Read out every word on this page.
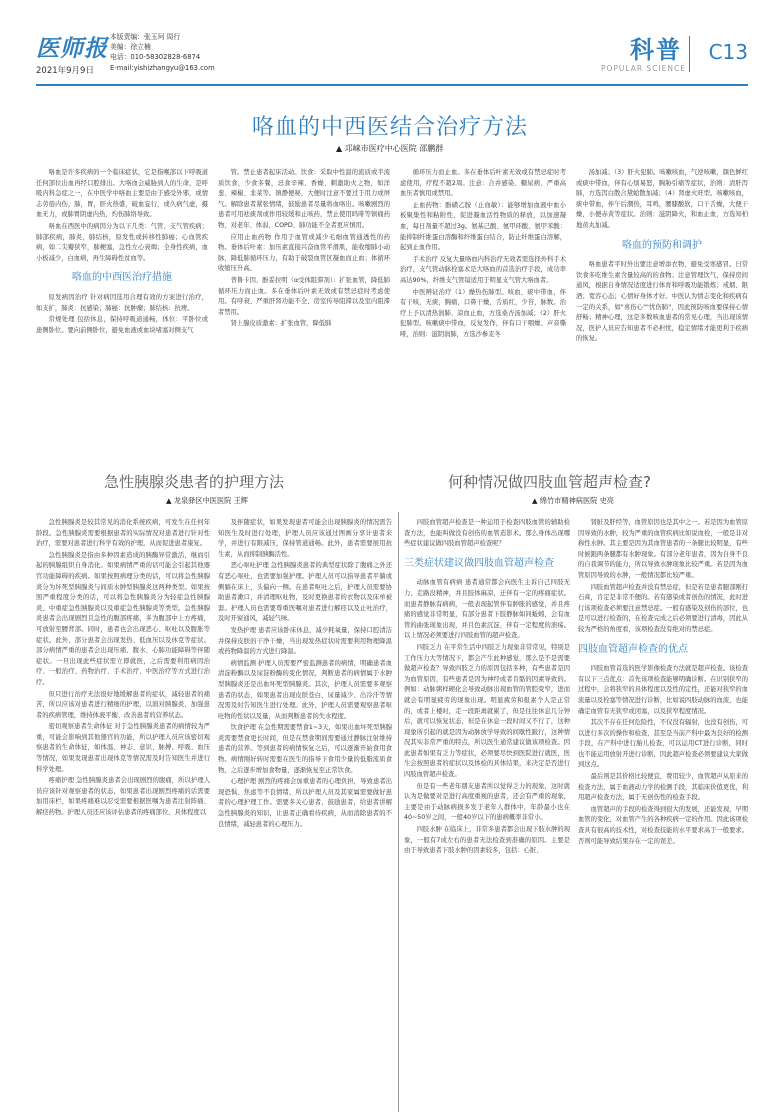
医师报
2021年9月9日
本版责编：张玉珂 周行
美编：徐立楠
电话：010-58302828-6874
E-mail:yishizhangyu@163.com
科普
POPULAR SCIENCE
C13
咯血的中西医结合治疗方法
▲ 邛崃市医疗中心医院 邵鹏群

咯血是许多疾病的一个临床症状，它是指喉部以下呼吸道任何部位出血再经口腔排出。大咯血会威胁到人的生命，是呼吸内科急症之一，在中医学中咯血主要是由于感受外邪，或情志劳倦内伤，肺，胃，肝火热盛，破血妄行，或久病气虚，摄血无力，或肺胃阴虚内热，灼伤肺络导致。

咯血在西医中的病因分为以下几类：气管、支气管疾病；肺部疾病，肺炎，肺结核，原发性或转移性肺癌；心血管疾病，如二尖瓣狭窄，肺梗塞，急性左心衰竭；全身性疾病，血小板减少，白血病，再生障碍性贫血等。

咯血的中西医治疗措施

原发病因治疗 针对病因选用合理有效的方案进行治疗，如支扩，肺炎：抗感染；肺癌：抗肿瘤；肺结核：抗痨。

常规处理 包括休息，保持呼吸道通畅，体位：平卧位或患侧卧位。要向前侧卧位，避免血液或血块堵塞对侧支气

管。禁止患者起床活动。饮食：采取中性温的流质或半流质饮食，少食多餐，忌食辛辣、香燥、刺激助火之物，如洋葱、辣椒、韭菜等。镇静便秘，大便时注意不要过于用力或屏气。解除患者紧张情绪，鼓励患者尽量将血咯出。咳嗽剧烈的患者可用祛痰剂或作用较缓和止咳药，禁止使用吗啡等镇痛药物，对老年、体弱、COPD、肺功能不全者更应慎用。

应用止血药物 作用于血管或减少毛细血管通透性的药物。垂体后叶素：加压素直接兴奋血管平滑肌，能收缩肺小动脉，降低肺循环压力，有助于破裂血管区凝血而止血；体循环收缩压升高。

普鲁卡因、酚妥拉明（α受体阻滞剂）：扩张血管，降低肺循环压力而止血。多在垂体后叶素无效或有禁忌症时考虑使用。有呼衰、严重肝肾功能不全、房室传导阻滞以及室内阻滞者禁用。

肾上腺皮质激素：扩张血管，降低肺

循环压力而止血。多在垂体后叶素无效或有禁忌症时考虑使用，疗程不超2周。注意：合并感染、糖尿病、严重高血压者慎用或禁用。

止血药物：酚磺乙胺（止血敏）：能够增加血液中血小板聚集性和粘附性，促进凝血活性物质的释放，以加速凝血，每日剂量不超过3g。氨基己酸、氨甲环酸、氨甲苯酸：能抑制纤维蛋白溶酶和纤维蛋白结合，防止纤维蛋白溶解，起到止血作用。

手术治疗 反复大量咯血内科治疗无效者需选择外科手术治疗，支气管动脉栓塞术是大咯血的首选治疗手段，成功率高达90%，纤维支气管镜适用于明显支气管大咯血者。

中医辨证治疗（1）燥热伤肺型。咳血、痰中带血，伴有干咳，无痰，胸痛，口鼻干燥，舌质红，少苔，脉数。治疗上予以清热润肺、凉血止血，方选桑杏汤加减；（2）肝火犯肺型。咳嗽痰中带血，反复发作，伴有口干咽燥、声音嘶哑，治则：滋阴润肺，方选沙参麦冬

汤加减；（3）肝火犯肺。咳嗽咳血，气逆咳嗽，颜色鲜红或痰中带血，伴有心烦易怒，胸胁引痛等症状，治则：清肝泻肺，方选泻白散合黛蛤散加减；（4）肾虚火旺型。咳嗽咳血，痰中带血，伴午后潮热，耳鸣，腰膝酸软，口干舌燥，大便干燥，小便赤黄等症状。治则：滋阴降火，和血止血，方选知柏地黄丸加减。

咯血的预防和调护

咯血患者平时外出要注意增添衣物，避免受寒感冒。日常饮食多吃维生素含量较高的的食物；注意管理饮气，保持房间通风，根据自身情况适度进行体育和呼吸功能锻炼；戒烟、限酒；宽容心态；心情好身体才好。中医认为情志变化和疾病有一定的关系，如"喜伤心""忧伤肺"，因此预防咳血要保持心情舒畅；精神心理，这是多数咳血患者的常见心理，当出现该情况，医护人员应告知患者不必担忧，稳定情绪才能更利于疾病的恢复。

急性胰腺炎患者的护理方法
▲ 龙泉驿区中医医院 王辉
何种情况做四肢血管超声检查?
▲ 绵竹市精神病医院 史亮

急性胰腺炎是较其常见的消化系统疾病，可发生在任何年龄段。急性胰腺炎需要根据患者的实际情况对患者进行针对性治疗，需要对患者进行科学有效的护理，从而促进患者康复。

急性胰腺炎是指由多种因素造成的胰酶异常激活，继而引起的胰腺组织自身消化。如果病情严重的话可能会引起其他器官功能障碍的疾病。如果按照病理分类的话，可以将急性胰腺炎分为坏死型胰腺炎与间质水肿型胰腺炎这两种类型。如果按照严重程度分类的话，可以将急性胰腺炎分为轻症急性胰腺炎、中重症急性胰腺炎以及重症急性胰腺炎等类型。急性胰腺炎患者会出现剧烈且急性的腹部疼痛，多为腹部中上方疼痛，可放射至腰背部。同时，患者也会出现恶心、呕吐以及腹胀等症状。此外，部分患者会出现发热、低血压以及休克等症状。部分病情严重的患者会出现压痛、腹水、心肺功能障碍等伴随症状。一旦出现此些症状需立即就医，之后需要利用病因治疗、一般治疗、药物治疗、手术治疗、中医治疗等方式进行治疗。

但只进行治疗无法很好地缓解患者的症状，减轻患者的痛苦，所以应该对患者进行精细的护理，以面对胰腺炎，加强患者的疾病管理，维持体液平衡、改善患者的营养状态。

密切观察患者生命体征 对于急性胰腺炎患者的病情较为严重，可能会影响到其他器官的功能，所以护理人员应该密切观察患者的生命体征，如体温、神志、意识、脉搏、呼吸、血压等情况，如果发现患者出现体克等情况需及时告知医生并进行科学处理。

疼痛护理 急性胰腺炎患者会出现剧烈的腹痛，所以护理人员应该针对观察患者的状态，如果患者出现剧烈疼痛的话需要加用床栏，如果疼痛难以忍受需要根据医嘱为患者注射阵痛、解痉药物。护理人员还应该评估患者的疼痛部位、具体程度以

及伴随症状，如果发现患者可能会出现胰腺炎的情况需告知医生及时进行处理，护理人员应该通过图画分享计患者来学，并进行有限减压，保持管道通畅。此外，患者需要展用抗生素，从而抑制胰酶活性。

恶心呕吐护理 急性胰腺炎患者的典型症状除了腹痛之外还有恶心呕吐，也需要加强护理。护理人员可以指导患者平躺或侧躺在床上，头偏向一侧。在患者呕吐之后，护理人员需要协助患者漱口，并清理呕吐物，及时更换患者的衣物以及床单被套。护理人员也需要尊重医嘱对患者进行解痉以及止吐治疗，及时开窗通风，减轻气味。

发热护理 患者应该卧床休息，减少耗氧量，保持口腔清洁并保持皮肤的干净干燥，当出现发热症状时需要利用物理降温或药物降温的方式进行降温。

病情监测 护理人员需要严密监测患者的病情，明确患者血清淀粉酶以及尿淀粉酶的变化情况，判断患者的病情属于水肿型胰腺炎还是出血坏死型胰腺炎。其次，护理人员需要多观察患者的状态，如果患者出现皮肤苍白、尿量减少、出冷汗等情况需及时告知医生进行处理。此外，护理人员需要观察患者呕吐物的性状以及量，从而判断患者的失水程度。

饮食护理 在急性期需要禁食1~3天，如果出血坏死型胰腺炎需要禁食更长时间，但是在禁食期间需要通过静脉注射维持患者的营养。等到患者的病情恢复之后，可以逐渐开始食用食物。病情刚好转时需要在医生的指导下食用少量的低脂流质食物，之后逐步增加食物量，逐渐恢复至正常饮食。

心理护理 剧烈的疼痛会加重患者的心理负担，导致患者出现恐惧、焦虑等不良情绪，所以护理人员及其家属需要做好患者的心理护理工作。需要多关心患者，鼓励患者，给患者讲解急性胰腺炎的知识，让患者正确看待疾病，从而消除患者的不良情绪，减轻患者的心理压力。

四肢血管超声检查是一种运用于检查四肢血管的辅助检查方法，也能叫做没有创伤的血管造影术。那么身体出现哪些症状建议做四肢血管超声检查呢？

三类症状建议做四肢血管超声检查

动脉血管有病病 患者通常都会向医生主诉自己四肢无力、走路没精神，并且肢体麻凉，迁伴有一定的疼痛症状。而患者静脉有病病，一般表现起管伴有肿胀的感觉，并且疼痛的感觉非常明显，有部分患者下肢静脉如同蚯蚓，会有血管的曲张现象出现，并且色素沉淀，伴有一定程度的溃疡。以上情况必须要进行四肢血管的超声检查。

四肢乏力 在平常生活中四肢乏力现象非常常见，特别是工作压力大等情况下，都会产生此种感觉，那么是不是需要做超声检查？导致四肢乏力的原因包括多种，有些患者是因为血管原因，有些患者是因为神经或者肯骼的因素导致的。例如：动脉粥样硬化会导致动脉出现血管的管腔变窄，进而就会有明显疲劳的现象出现。明显疲劳和报素个人是正常的，或者上楼时，走一段距离就累了，但是往往休息几分钟后，就可以恢复状态，但是在休息一段时间又不行了，这种现象所引起的就是因为动脉放学导致的间歇性跛行，这种情况其实非常严重的特点，所以医生通常建议做该项检查。因此患者如果有乏力等症状，必须要尽快到医院进行就医，医生会按照患者的症状以及体检的具体结果，来决定是否进行四肢血管超声检查。

但是有一些老年朋友患者所以觉得乏力的现象，这时就认为是做要对是进行高度重视的患者，还会有严重的现象，主要是由于动脉病损多发于老年人群体中，年龄最小也在40~50岁之间，一般40岁以下的患病概率非常小。

四肢水肿 在临床上，非常多患者都会出现下肢水肿的现象，一般有7成左右的患者无法检查到准确的原因。主要是由于导致患者下肢水肿的因素较多，包括：心脏、

肾脏及肝经等，血管原因也是其中之一。若是因为血管原因导致的水肿，较为严重的血管疾病比如说血栓，一般是非对称性水肿。其主要是因为其血管患者的一条腿比较明显，有些时候跟两条腿都有水肿现象。有部分老年患者，因为自身不良的自我调节的能力，所以导致水肿现象比较严重。若是因为血管原因导致的水肿，一般情况都比较严重。

四肢血管超声检查并没有禁忌症，但是若是患者腿部刚打石膏，肯定是非常不便的。若有感染或者创伤的情况，此时进行该项检查必须要注意禁忌症。一般有感染及创伤的部位，也是可以进行检查的，在检查完成之后必须要进行清毒，因此从较为严格的角度看，该项检查没有绝对的禁忌症。

四肢血管超声检查的优点

四肢血管首选的医学影像检查方法就是超声检查。该检查有以下三点优点：首先该项检查能够明确诊断。在识别狭窄的过程中，会将狭窄的具体程度以及性的定性，还能对狭窄的血流量以及栓塞等情况进行诊断，比如说四肢动脉的血流，也能确定血管有无狭窄或闭塞，以及狭窄程度情况。

其次不存在任何危险性，不仅没有辐射，也没有创伤，可以进行多次的操作和检查，甚至是当前产科中最为良好的检测手段，在产科中进行胎儿检查，可以运用CT进行诊断，同时也不能运用放射开进行诊断，因此超声检查必须要建议大家做到这点。

最后则是其价格比较便宜，费用较少，血管超声从原来的检查方法，属于血液动力学的检测手段，其临床价值更优，利用超声检查方法，属于无创伤性的检查手段。

血管超声的手段的检查得到很大的发展，还能发现，早期血管的变化，对血管产生的各种疾病一定的作用。因此该项检查具有很高的技术性，对检查技能的水平要求高于一般要求。否则可能导致结果存在一定的误差。
